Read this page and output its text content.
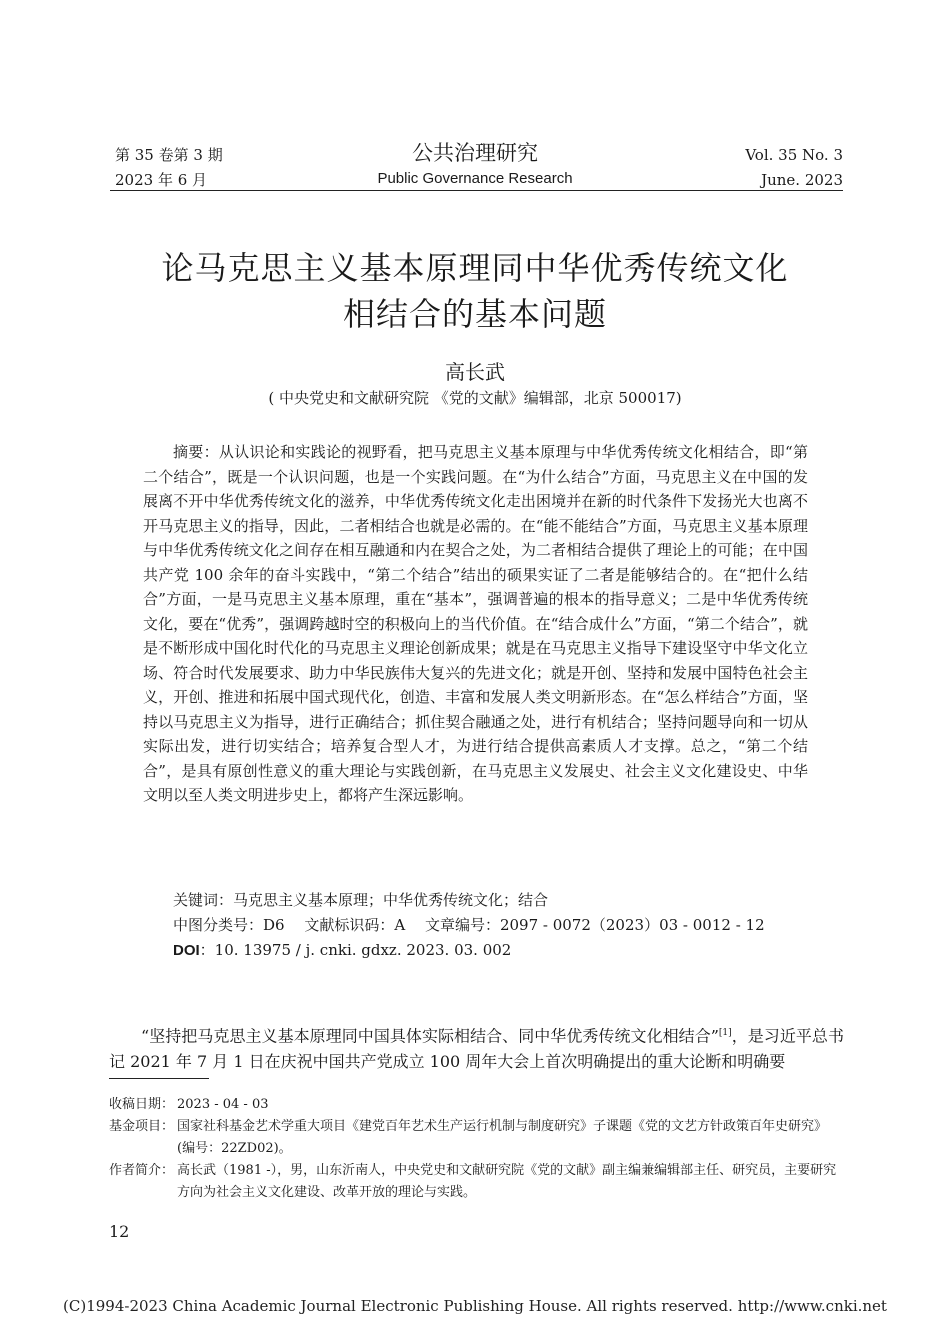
第 35 卷第 3 期
2023 年 6 月
公共治理研究
Public Governance Research
Vol. 35 No. 3
June. 2023
论马克思主义基本原理同中华优秀传统文化
相结合的基本问题
高长武
( 中央党史和文献研究院 《党的文献》编辑部，北京 500017)

摘要：从认识论和实践论的视野看，把马克思主义基本原理与中华优秀传统文化相结合，即“第二个结合”，既是一个认识问题，也是一个实践问题。在“为什么结合”方面，马克思主义在中国的发展离不开中华优秀传统文化的滋养，中华优秀传统文化走出困境并在新的时代条件下发扬光大也离不开马克思主义的指导，因此，二者相结合也就是必需的。在“能不能结合”方面，马克思主义基本原理与中华优秀传统文化之间存在相互融通和内在契合之处，为二者相结合提供了理论上的可能；在中国共产党 100 余年的奋斗实践中，“第二个结合”结出的硕果实证了二者是能够结合的。在“把什么结合”方面，一是马克思主义基本原理，重在“基本”，强调普遍的根本的指导意义；二是中华优秀传统文化，要在“优秀”，强调跨越时空的积极向上的当代价值。在“结合成什么”方面，“第二个结合”，就是不断形成中国化时代化的马克思主义理论创新成果；就是在马克思主义指导下建设坚守中华文化立场、符合时代发展要求、助力中华民族伟大复兴的先进文化；就是开创、坚持和发展中国特色社会主义，开创、推进和拓展中国式现代化，创造、丰富和发展人类文明新形态。在“怎么样结合”方面，坚持以马克思主义为指导，进行正确结合；抓住契合融通之处，进行有机结合；坚持问题导向和一切从实际出发，进行切实结合；培养复合型人才，为进行结合提供高素质人才支撑。总之，“第二个结合”，是具有原创性意义的重大理论与实践创新，在马克思主义发展史、社会主义文化建设史、中华文明以至人类文明进步史上，都将产生深远影响。

关键词：马克思主义基本原理；中华优秀传统文化；结合
中图分类号：D6　 文献标识码：A　 文章编号：2097 - 0072（2023）03 - 0012 - 12
DOI：10. 13975 / j. cnki. gdxz. 2023. 03. 002

“坚持把马克思主义基本原理同中国具体实际相结合、同中华优秀传统文化相结合”[1]，是习近平总书记 2021 年 7 月 1 日在庆祝中国共产党成立 100 周年大会上首次明确提出的重大论断和明确要

收稿日期： 2023 - 04 - 03
基金项目： 国家社科基金艺术学重大项目《建党百年艺术生产运行机制与制度研究》子课题《党的文艺方针政策百年史研究》(编号：22ZD02)。
作者简介： 高长武（1981 -），男，山东沂南人，中央党史和文献研究院《党的文献》副主编兼编辑部主任、研究员，主要研究方向为社会主义文化建设、改革开放的理论与实践。
12
(C)1994-2023 China Academic Journal Electronic Publishing House. All rights reserved. http://www.cnki.net
